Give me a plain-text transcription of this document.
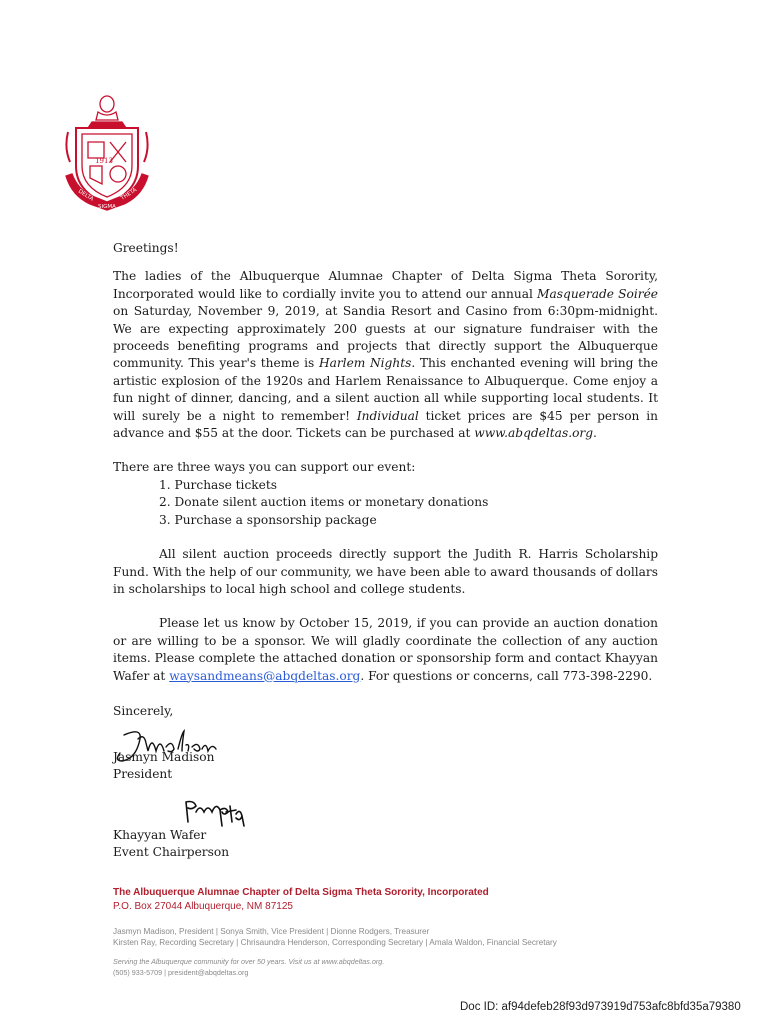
1913
DELTA	THETA
SIGMA

Greetings!

The ladies of the Albuquerque Alumnae Chapter of Delta Sigma Theta Sorority, Incorporated would like to cordially invite you to attend our annual Masquerade Soirée on Saturday, November 9, 2019, at Sandia Resort and Casino from 6:30pm-midnight. We are expecting approximately 200 guests at our signature fundraiser with the proceeds benefiting programs and projects that directly support the Albuquerque community. This year's theme is Harlem Nights. This enchanted evening will bring the artistic explosion of the 1920s and Harlem Renaissance to Albuquerque. Come enjoy a fun night of dinner, dancing, and a silent auction all while supporting local students. It will surely be a night to remember! Individual ticket prices are $45 per person in advance and $55 at the door. Tickets can be purchased at www.abqdeltas.org.

There are three ways you can support our event:

1. Purchase tickets

2. Donate silent auction items or monetary donations

3. Purchase a sponsorship package

All silent auction proceeds directly support the Judith R. Harris Scholarship Fund. With the help of our community, we have been able to award thousands of dollars in scholarships to local high school and college students.

Please let us know by October 15, 2019, if you can provide an auction donation or are willing to be a sponsor. We will gladly coordinate the collection of any auction items. Please complete the attached donation or sponsorship form and contact Khayyan Wafer at waysandmeans@abqdeltas.org. For questions or concerns, call 773-398-2290.

Sincerely,
Jasmyn Madison
President
Khayyan Wafer
Event Chairperson
The Albuquerque Alumnae Chapter of Delta Sigma Theta Sorority, Incorporated
P.O. Box 27044 Albuquerque, NM 87125
Jasmyn Madison, President | Sonya Smith, Vice President | Dionne Rodgers, Treasurer
Kirsten Ray, Recording Secretary | Chrisaundra Henderson, Corresponding Secretary | Amala Waldon, Financial Secretary
Serving the Albuquerque community for over 50 years. Visit us at www.abqdeltas.org.
(505) 933-5709 | president@abqdeltas.org
Doc ID: af94defeb28f93d973919d753afc8bfd35a79380
